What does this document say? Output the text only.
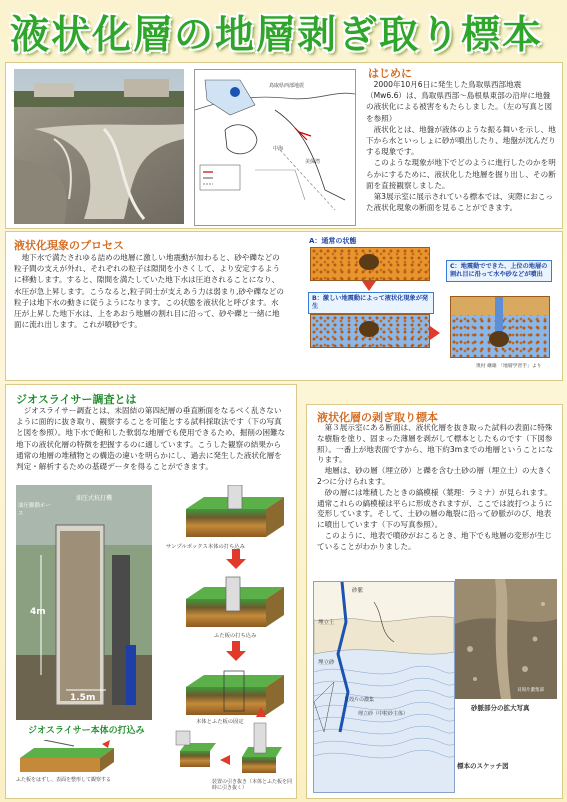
液状化層の地層剥ぎ取り標本
鳥取県西部地震
中海
美保湾
はじめに

2000年10月6日に発生した鳥取県西部地震（Mw6.6）は、鳥取県西部〜島根県東部の沿岸に地盤の液状化による被害をもたらしました。（左の写真と図を参照）

液状化とは、地盤が液体のような振る舞いを示し、地下から水といっしょに砂が噴出したり、地盤が沈んだりする現象です。

このような現象が地下でどのように進行したのかを明らかにするために、液状化した地層を掘り出し、その断面を直接観察しました。

第3展示室に展示されている標本では、実際におこった液状化現象の断面を見ることができます。

液状化現象のプロセス

地下水で満たされゆる詰めの地層に激しい地震動が加わると、砂や礫などの粒子間の支えが外れ、それぞれの粒子は隙間を小さくして、より安定するように移動します。すると、隙間を満たしていた地下水は圧迫されることになり、水圧が急上昇します。こうなると,粒子同士が支えあう力は弱まり,砂や礫などの粒子は地下水の動きに従うようになります。この状態を液状化と呼びます。水圧が上昇した地下水は、上をあおう地層の割れ目に沿って、砂や礫と一緒に地面に流れ出します。これが噴砂です。

A：通常の状態
B：激しい地震動によって液状化現象が発生
C：地震動でできた、上位の地層の割れ目に沿って水や砂などが噴出
奥村 継雄 「地層学習手」より
ジオスライサー調査とは

ジオスライサー調査とは、未固結の第四紀層の垂直断面をなるべく乱さないように面的に抜き取り、観察することを可能とする試料採取法です（下の写真と図を参照）。地下水で飽和した軟弱な地層でも使用できるため、掘削の困難な地下の液状化層の特徴を把握するのに適しています。こうした観察の結果から通常の地層の堆積物との構造の違いを明らかにし、過去に発生した液状化層を判定・解析するための基礎データを得ることができます。

油圧式杭打機
油圧駆動ホース
4m
1.5m
ジオスライサー本体の打込み
サンプルボックス本体の打ち込み
ふた板の打ち込み
本体とふた板の固定
装置の引き抜き（本体とふた板を同時に引き抜く）
ふた板をはずし、表面を整形して観察する
液状化層の剥ぎ取り標本

第３展示室にある断面は、液状化層を抜き取った試料の表面に特殊な樹脂を塗り、固まった薄層を剥がして標本としたものです（下図参照）。一番上が地表面ですから、地下約3mまでの地層ということになります。

地層は、砂の層（埋立砂）と礫を含む土砂の層（埋立土）の大きく2つに分けられます。

砂の層には堆積したときの縞模様（葉理：ラミナ）が見られます。通常これらの縞模様は平らに形成されますが、ここでは波打つように変形しています。そして、土砂の層の亀裂に沿って砂脈がのび、地表に噴出しています（下の写真参照）。

このように、地表で噴砂がおこるとき、地下でも地層の変形が生じていることがわかりました。

埋立土
埋立砂
砂脈
埋立砂（中粒砂主体）
貝殻片の濃集
貝殻片濃集部
砂脈部分の拡大写真
標本のスケッチ図
